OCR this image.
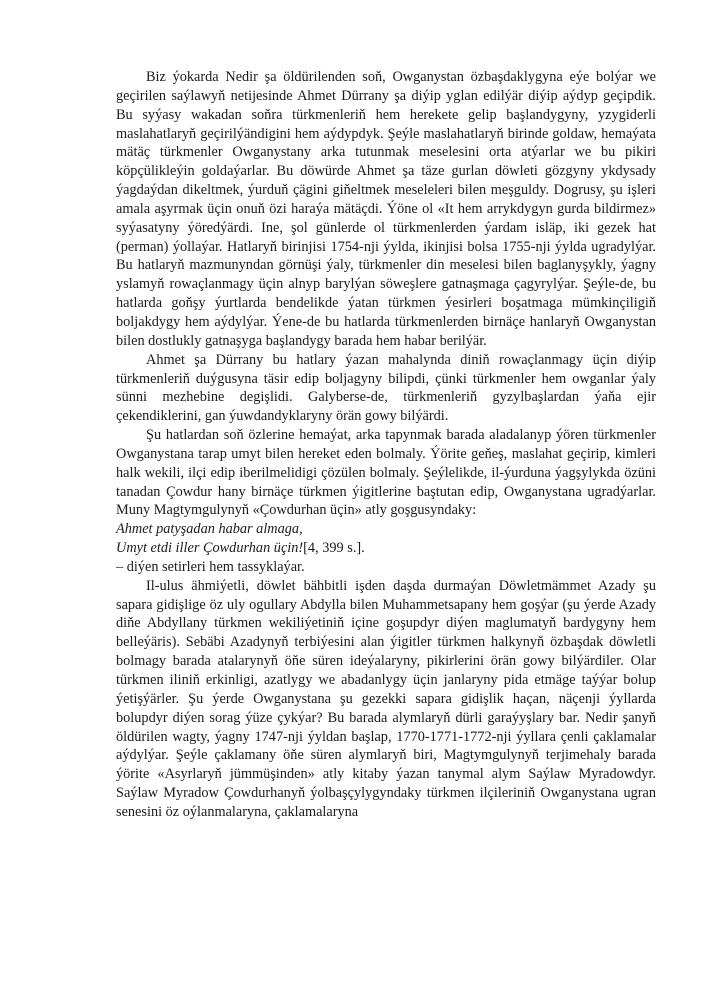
Biz ýokarda Nedir şa öldürilenden soň, Owganystan özbaşdaklygyna eýe bolýar we geçirilen saýlawyň netijesinde Ahmet Dürrany şa diýip yglan edilýär diýip aýdyp geçipdik. Bu syýasy wakadan soňra türkmenleriň hem herekete gelip başlandygyny, yzygiderli maslahatlaryň geçirilýändigini hem aýdypdyk. Şeýle maslahatlaryň birinde goldaw, hemaýata mätäç türkmenler Owganystany arka tutunmak meselesini orta atýarlar we bu pikiri köpçülikleýin goldaýarlar. Bu döwürde Ahmet şa täze gurlan döwleti gözgyny ykdysady ýagdaýdan dikeltmek, ýurduň çägini giňeltmek meseleleri bilen meşguldy. Dogrusy, şu işleri amala aşyrmak üçin onuň özi haraýa mätäçdi. Ýöne ol «It hem arrykdygyn gurda bildirmez» syýasatyny ýöredýärdi. Ine, şol günlerde ol türkmenlerden ýardam isläp, iki gezek hat (perman) ýollaýar. Hatlaryň birinjisi 1754-nji ýylda, ikinjisi bolsa 1755-nji ýylda ugradylýar. Bu hatlaryň mazmunyndan görnüşi ýaly, türkmenler din meselesi bilen baglanyşykly, ýagny yslamyň rowaçlanmagy üçin alnyp barylýan söweşlere gatnaşmaga çagyrylýar. Şeýle-de, bu hatlarda goňşy ýurtlarda bendelikde ýatan türkmen ýesirleri boşatmaga mümkinçiligiň boljakdygy hem aýdylýar. Ýene-de bu hatlarda türkmenlerden birnäçe hanlaryň Owganystan bilen dostlukly gatnaşyga başlandygy barada hem habar berilýär.

Ahmet şa Dürrany bu hatlary ýazan mahalynda diniň rowaçlanmagy üçin diýip türkmenleriň duýgusyna täsir edip boljagyny bilipdi, çünki türkmenler hem owganlar ýaly sünni mezhebine degişlidi. Galyberse-de, türkmenleriň gyzylbaşlardan ýaňa ejir çekendiklerini, gan ýuwdandyklaryny örän gowy bilýärdi.

Şu hatlardan soň özlerine hemaýat, arka tapynmak barada aladalanyp ýören türkmenler Owganystana tarap umyt bilen hereket eden bolmaly. Ýörite geňeş, maslahat geçirip, kimleri halk wekili, ilçi edip iberilmelidigi çözülen bolmaly. Şeýlelikde, il-ýurduna ýagşylykda özüni tanadan Çowdur hany birnäçe türkmen ýigitlerine baştutan edip, Owganystana ugradýarlar. Muny Magtymgulynyň «Çowdurhan üçin» atly goşgusyndaky:

Ahmet patyşadan habar almaga,

Umyt etdi iller Çowdurhan üçin![4, 399 s.].

– diýen setirleri hem tassyklaýar.

Il-ulus ähmiýetli, döwlet bähbitli işden daşda durmaýan Döwletmämmet Azady şu sapara gidişlige öz uly ogullary Abdylla bilen Muhammetsapany hem goşýar (şu ýerde Azady diňe Abdyllany türkmen wekiliýetiniň içine goşupdyr diýen maglumatyň bardygyny hem belleýäris). Sebäbi Azadynyň terbiýesini alan ýigitler türkmen halkynyň özbaşdak döwletli bolmagy barada atalarynyň öňe süren ideýalaryny, pikirlerini örän gowy bilýärdiler. Olar türkmen iliniň erkinligi, azatlygy we abadanlygy üçin janlaryny pida etmäge taýýar bolup ýetişýärler. Şu ýerde Owganystana şu gezekki sapara gidişlik haçan, näçenji ýyllarda bolupdyr diýen sorag ýüze çykýar? Bu barada alymlaryň dürli garaýyşlary bar. Nedir şanyň öldürilen wagty, ýagny 1747-nji ýyldan başlap, 1770-1771-1772-nji ýyllara çenli çaklamalar aýdylýar. Şeýle çaklamany öňe süren alymlaryň biri, Magtymgulynyň terjimehaly barada ýörite «Asyrlaryň jümmüşinden» atly kitaby ýazan tanymal alym Saýlaw Myradowdyr. Saýlaw Myradow Çowdurhanyň ýolbaşçylygyndaky türkmen ilçileriniň Owganystana ugran senesini öz oýlanmalaryna, çaklamalaryna
